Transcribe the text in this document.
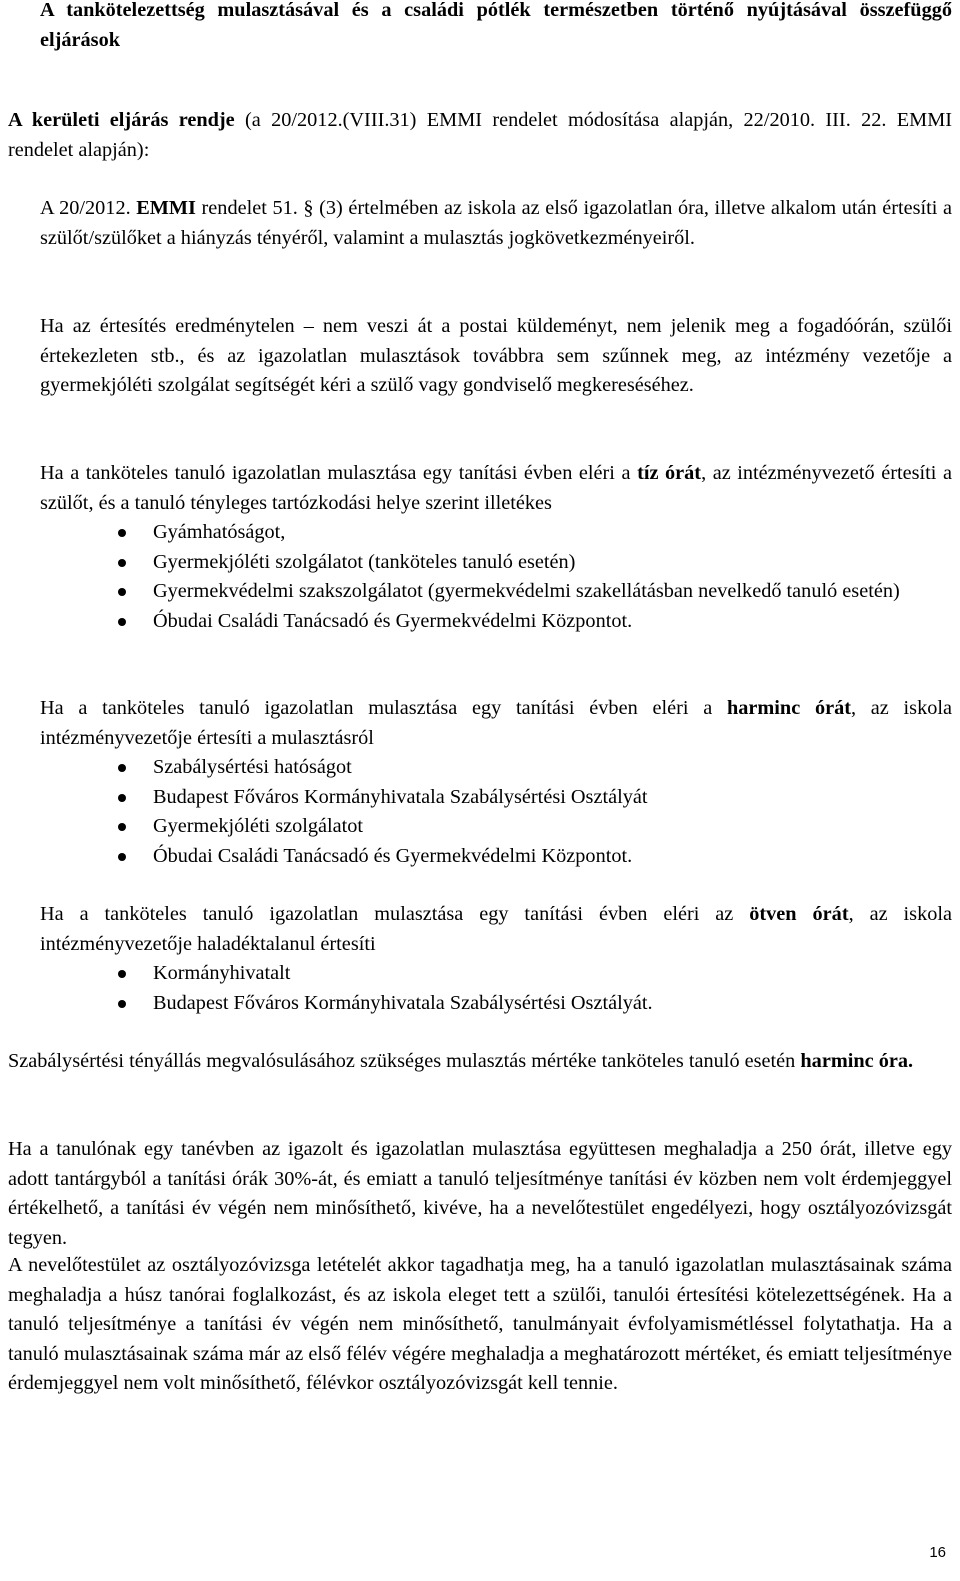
A tankötelezettség mulasztásával és a családi pótlék természetben történő nyújtásával összefüggő eljárások

A kerületi eljárás rendje (a 20/2012.(VIII.31) EMMI rendelet módosítása alapján, 22/2010. III. 22. EMMI rendelet alapján):

A 20/2012. EMMI rendelet 51. § (3) értelmében az iskola az első igazolatlan óra, illetve alkalom után értesíti a szülőt/szülőket a hiányzás tényéről, valamint a mulasztás jogkövetkezményeiről.

Ha az értesítés eredménytelen – nem veszi át a postai küldeményt, nem jelenik meg a fogadóórán, szülői értekezleten stb., és az igazolatlan mulasztások továbbra sem szűnnek meg, az intézmény vezetője a gyermekjóléti szolgálat segítségét kéri a szülő vagy gondviselő megkereséséhez.

Ha a tanköteles tanuló igazolatlan mulasztása egy tanítási évben eléri a tíz órát, az intézményvezető értesíti a szülőt, és a tanuló tényleges tartózkodási helye szerint illetékes

Gyámhatóságot,
Gyermekjóléti szolgálatot (tanköteles tanuló esetén)
Gyermekvédelmi szakszolgálatot (gyermekvédelmi szakellátásban nevelkedő tanuló esetén)
Óbudai Családi Tanácsadó és Gyermekvédelmi Központot.

Ha a tanköteles tanuló igazolatlan mulasztása egy tanítási évben eléri a harminc órát, az iskola intézményvezetője értesíti a mulasztásról

Szabálysértési hatóságot
Budapest Főváros Kormányhivatala Szabálysértési Osztályát
Gyermekjóléti szolgálatot
Óbudai Családi Tanácsadó és Gyermekvédelmi Központot.

Ha a tanköteles tanuló igazolatlan mulasztása egy tanítási évben eléri az ötven órát, az iskola intézményvezetője haladéktalanul értesíti

Kormányhivatalt
Budapest Főváros Kormányhivatala Szabálysértési Osztályát.

Szabálysértési tényállás megvalósulásához szükséges mulasztás mértéke tanköteles tanuló esetén harminc óra.

Ha a tanulónak egy tanévben az igazolt és igazolatlan mulasztása együttesen meghaladja a 250 órát, illetve egy adott tantárgyból a tanítási órák 30%-át, és emiatt a tanuló teljesítménye tanítási év közben nem volt érdemjeggyel értékelhető, a tanítási év végén nem minősíthető, kivéve, ha a nevelőtestület engedélyezi, hogy osztályozóvizsgát tegyen.

A nevelőtestület az osztályozóvizsga letételét akkor tagadhatja meg, ha a tanuló igazolatlan mulasztásainak száma meghaladja a húsz tanórai foglalkozást, és az iskola eleget tett a szülői, tanulói értesítési kötelezettségének. Ha a tanuló teljesítménye a tanítási év végén nem minősíthető, tanulmányait évfolyamismétléssel folytathatja. Ha a tanuló mulasztásainak száma már az első félév végére meghaladja a meghatározott mértéket, és emiatt teljesítménye érdemjeggyel nem volt minősíthető, félévkor osztályozóvizsgát kell tennie.

16
